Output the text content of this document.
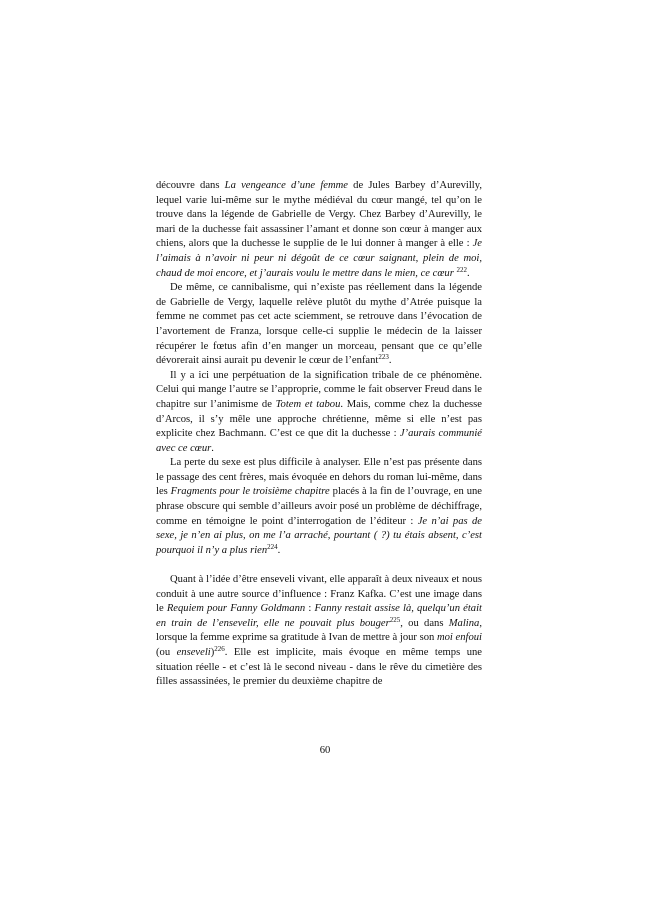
découvre dans La vengeance d’une femme de Jules Barbey d’Aurevilly, lequel varie lui-même sur le mythe médiéval du cœur mangé, tel qu’on le trouve dans la légende de Gabrielle de Vergy. Chez Barbey d’Aurevilly, le mari de la duchesse fait assassiner l’amant et donne son cœur à manger aux chiens, alors que la duchesse le supplie de le lui donner à manger à elle : Je l’aimais à n’avoir ni peur ni dégoût de ce cœur saignant, plein de moi, chaud de moi encore, et j’aurais voulu le mettre dans le mien, ce cœur $^{222}$.

De même, ce cannibalisme, qui n’existe pas réellement dans la légende de Gabrielle de Vergy, laquelle relève plutôt du mythe d’Atrée puisque la femme ne commet pas cet acte sciemment, se retrouve dans l’évocation de l’avortement de Franza, lorsque celle-ci supplie le médecin de la laisser récupérer le fœtus afin d’en manger un morceau, pensant que ce qu’elle dévorerait ainsi aurait pu devenir le cœur de l’enfant$^{223}$.

Il y a ici une perpétuation de la signification tribale de ce phénomène. Celui qui mange l’autre se l’approprie, comme le fait observer Freud dans le chapitre sur l’animisme de Totem et tabou. Mais, comme chez la duchesse d’Arcos, il s’y mêle une approche chrétienne, même si elle n’est pas explicite chez Bachmann. C’est ce que dit la duchesse : J’aurais communié avec ce cœur.

La perte du sexe est plus difficile à analyser. Elle n’est pas présente dans le passage des cent frères, mais évoquée en dehors du roman lui-même, dans les Fragments pour le troisième chapitre placés à la fin de l’ouvrage, en une phrase obscure qui semble d’ailleurs avoir posé un problème de déchiffrage, comme en témoigne le point d’interrogation de l’éditeur : Je n’ai pas de sexe, je n’en ai plus, on me l’a arraché, pourtant ( ?) tu étais absent, c’est pourquoi il n’y a plus rien$^{224}$.

Quant à l’idée d’être enseveli vivant, elle apparaît à deux niveaux et nous conduit à une autre source d’influence : Franz Kafka. C’est une image dans le Requiem pour Fanny Goldmann : Fanny restait assise là, quelqu’un était en train de l’ensevelir, elle ne pouvait plus bouger$^{225}$, ou dans Malina, lorsque la femme exprime sa gratitude à Ivan de mettre à jour son moi enfoui (ou enseveli)$^{226}$. Elle est implicite, mais évoque en même temps une situation réelle - et c’est là le second niveau - dans le rêve du cimetière des filles assassinées, le premier du deuxième chapitre de

60
